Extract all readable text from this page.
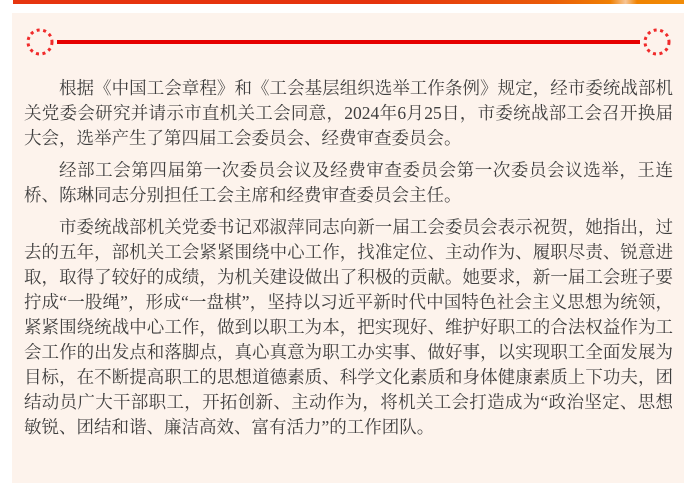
根据《中国工会章程》和《工会基层组织选举工作条例》规定，经市委统战部机关党委会研究并请示市直机关工会同意，2024年6月25日，市委统战部工会召开换届大会，选举产生了第四届工会委员会、经费审查委员会。

经部工会第四届第一次委员会议及经费审查委员会第一次委员会议选举，王连桥、陈琳同志分别担任工会主席和经费审查委员会主任。

市委统战部机关党委书记邓淑萍同志向新一届工会委员会表示祝贺，她指出，过去的五年，部机关工会紧紧围绕中心工作，找准定位、主动作为、履职尽责、锐意进取，取得了较好的成绩，为机关建设做出了积极的贡献。她要求，新一届工会班子要拧成“一股绳”，形成“一盘棋”，坚持以习近平新时代中国特色社会主义思想为统领，紧紧围绕统战中心工作，做到以职工为本，把实现好、维护好职工的合法权益作为工会工作的出发点和落脚点，真心真意为职工办实事、做好事，以实现职工全面发展为目标，在不断提高职工的思想道德素质、科学文化素质和身体健康素质上下功夫，团结动员广大干部职工，开拓创新、主动作为，将机关工会打造成为“政治坚定、思想敏锐、团结和谐、廉洁高效、富有活力”的工作团队。
